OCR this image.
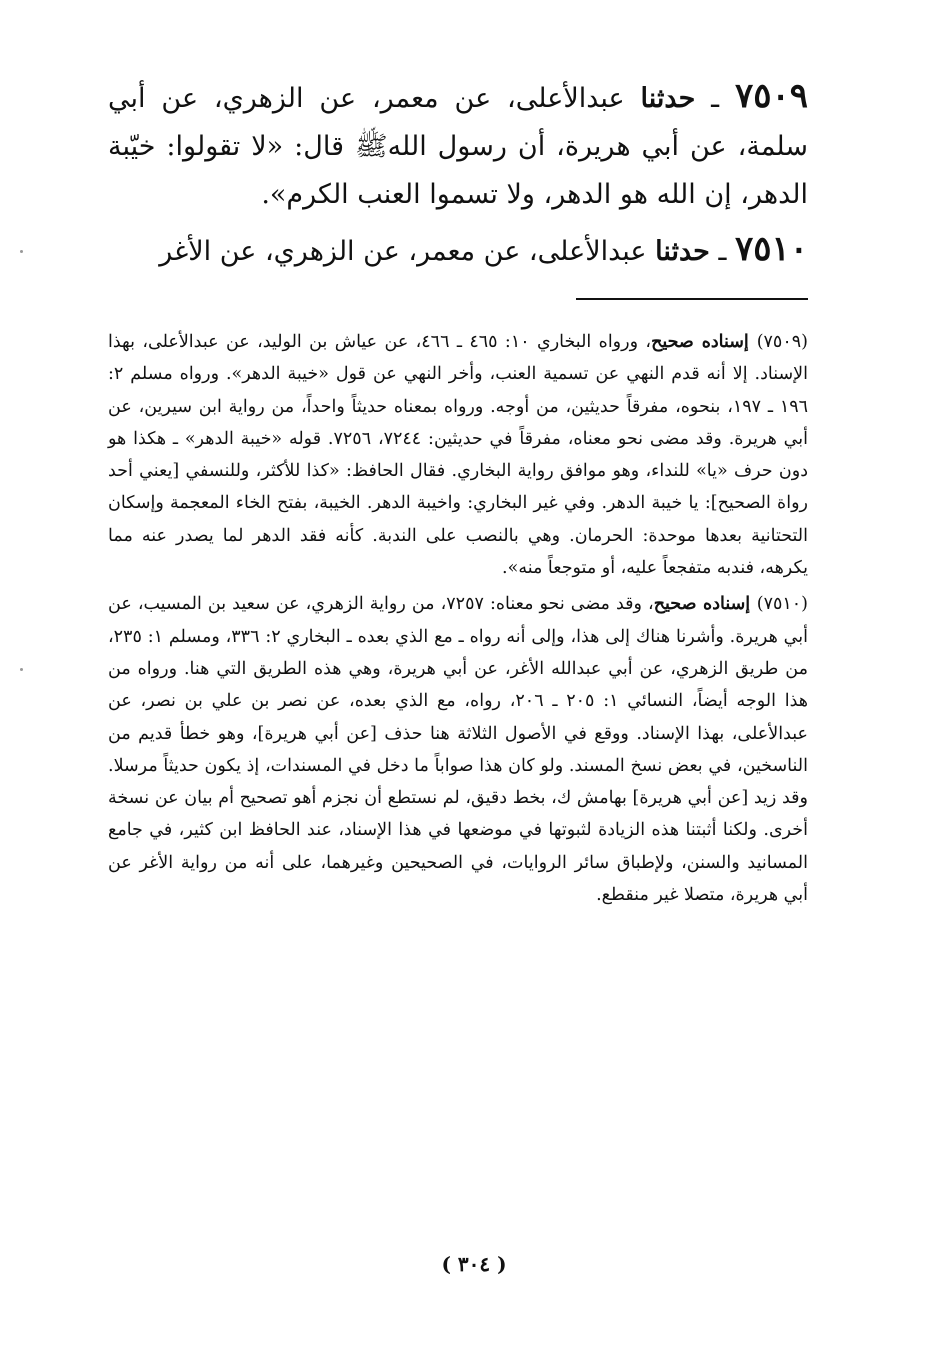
٧٥٠٩ ـ حدثنا عبدالأعلى، عن معمر، عن الزهري، عن أبي سلمة، عن أبي هريرة، أن رسول اللهﷺ قال: «لا تقولوا: خيّبة الدهر، إن الله هو الدهر، ولا تسموا العنب الكرم».

٧٥١٠ ـ حدثنا عبدالأعلى، عن معمر، عن الزهري، عن الأغر

(٧٥٠٩) إسناده صحيح، ورواه البخاري ١٠: ٤٦٥ ـ ٤٦٦، عن عياش بن الوليد، عن عبدالأعلى، بهذا الإسناد. إلا أنه قدم النهي عن تسمية العنب، وأخر النهي عن قول «خيبة الدهر». ورواه مسلم ٢: ١٩٦ ـ ١٩٧، بنحوه، مفرقاً حديثين، من أوجه. ورواه بمعناه حديثاً واحداً، من رواية ابن سيرين، عن أبي هريرة. وقد مضى نحو معناه، مفرقاً في حديثين: ٧٢٤٤، ٧٢٥٦. قوله «خيبة الدهر» ـ هكذا هو دون حرف «يا» للنداء، وهو موافق رواية البخاري. فقال الحافظ: «كذا للأكثر، وللنسفي [يعني أحد رواة الصحيح]: يا خيبة الدهر. وفي غير البخاري: واخيبة الدهر. الخيبة، بفتح الخاء المعجمة وإسكان التحتانية بعدها موحدة: الحرمان. وهي بالنصب على الندبة. كأنه فقد الدهر لما يصدر عنه مما يكرهه، فندبه متفجعاً عليه، أو متوجعاً منه».

(٧٥١٠) إسناده صحيح، وقد مضى نحو معناه: ٧٢٥٧، من رواية الزهري، عن سعيد بن المسيب، عن أبي هريرة. وأشرنا هناك إلى هذا، وإلى أنه رواه ـ مع الذي بعده ـ البخاري ٢: ٣٣٦، ومسلم ١: ٢٣٥، من طريق الزهري، عن أبي عبدالله الأغر، عن أبي هريرة، وهي هذه الطريق التي هنا. ورواه من هذا الوجه أيضاً، النسائي ١: ٢٠٥ ـ ٢٠٦، رواه، مع الذي بعده، عن نصر بن علي بن نصر، عن عبدالأعلى، بهذا الإسناد. ووقع في الأصول الثلاثة هنا حذف [عن أبي هريرة]، وهو خطأ قديم من الناسخين، في بعض نسخ المسند. ولو كان هذا صواباً ما دخل في المسندات، إذ يكون حديثاً مرسلا. وقد زيد [عن أبي هريرة] بهامش ك، بخط دقيق، لم نستطع أن نجزم أهو تصحيح أم بيان عن نسخة أخرى. ولكنا أثبتنا هذه الزيادة لثبوتها في موضعها في هذا الإسناد، عند الحافظ ابن كثير، في جامع المسانيد والسنن، ولإطباق سائر الروايات، في الصحيحين وغيرهما، على أنه من رواية الأغر عن أبي هريرة، متصلا غير منقطع.

( ٣٠٤ )
